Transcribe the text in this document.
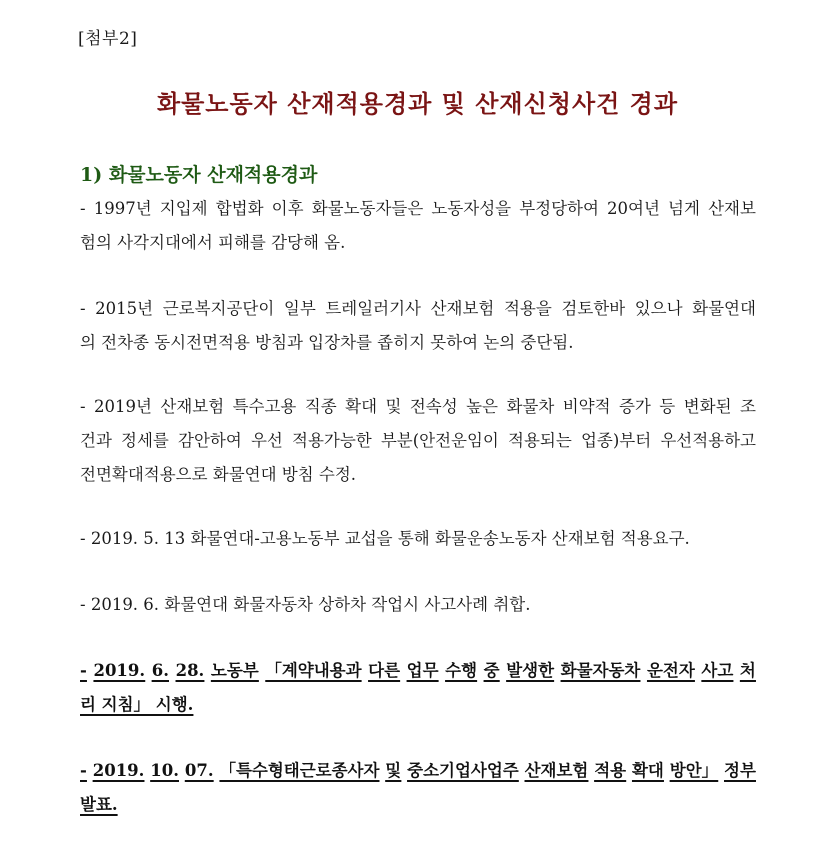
[첨부2]
화물노동자 산재적용경과 및 산재신청사건 경과
1) 화물노동자 산재적용경과
- 1997년 지입제 합법화 이후 화물노동자들은 노동자성을 부정당하여 20여년 넘게 산재보
험의 사각지대에서 피해를 감당해 옴.
- 2015년 근로복지공단이 일부 트레일러기사 산재보험 적용을 검토한바 있으나 화물연대
의 전차종 동시전면적용 방침과 입장차를 좁히지 못하여 논의 중단됨.
- 2019년 산재보험 특수고용 직종 확대 및 전속성 높은 화물차 비약적 증가 등 변화된 조
건과 정세를 감안하여 우선 적용가능한 부분(안전운임이 적용되는 업종)부터 우선적용하고
전면확대적용으로 화물연대 방침 수정.
- 2019. 5. 13 화물연대-고용노동부 교섭을 통해 화물운송노동자 산재보험 적용요구.
- 2019. 6. 화물연대 화물자동차 상하차 작업시 사고사례 취합.
- 2019. 6. 28. 노동부 「계약내용과 다른 업무 수행 중 발생한 화물자동차 운전자 사고 처
리 지침」 시행.
- 2019. 10. 07. 「특수형태근로종사자 및 중소기업사업주 산재보험 적용 확대 방안」 정부
발표.
